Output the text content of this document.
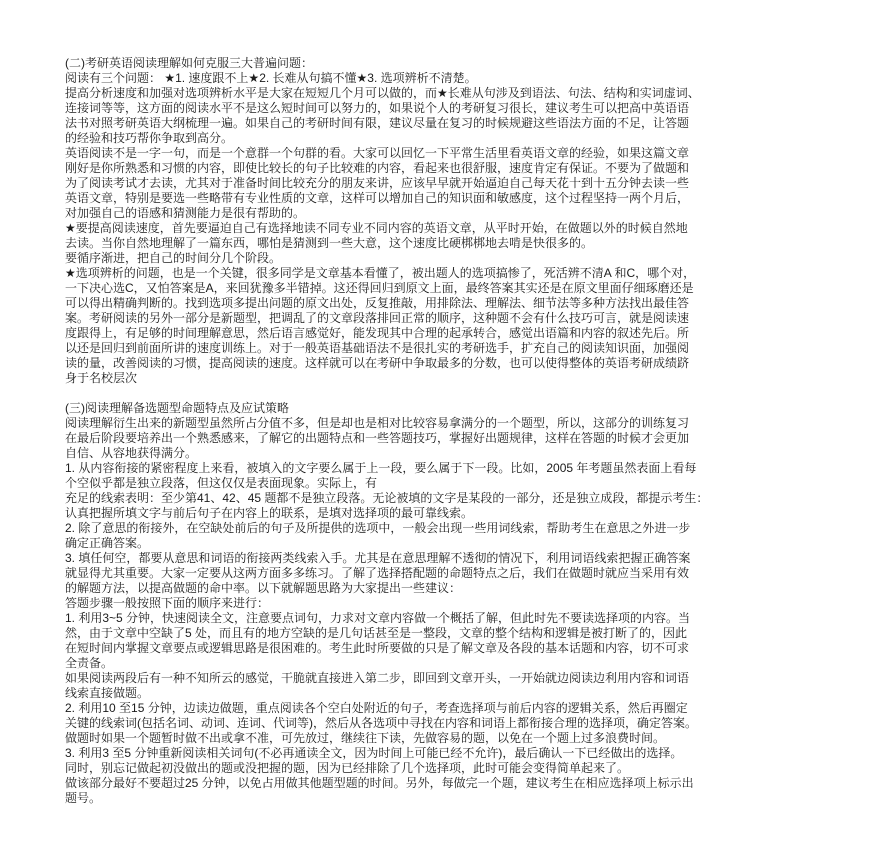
(二)考研英语阅读理解如何克服三大普遍问题：
阅读有三个问题： ★1. 速度跟不上★2. 长难从句搞不懂★3. 选项辨析不清楚。
提高分析速度和加强对选项辨析水平是大家在短短几个月可以做的，而★长难从句涉及到语法、句法、结构和实词虚词、
连接词等等，这方面的阅读水平不是这么短时间可以努力的，如果说个人的考研复习很长，建议考生可以把高中英语语
法书对照考研英语大纲梳理一遍。如果自己的考研时间有限，建议尽量在复习的时候规避这些语法方面的不足，让答题
的经验和技巧帮你争取到高分。
英语阅读不是一字一句，而是一个意群一个句群的看。大家可以回忆一下平常生活里看英语文章的经验，如果这篇文章
刚好是你所熟悉和习惯的内容，即使比较长的句子比较难的内容，看起来也很舒服，速度肯定有保证。不要为了做题和
为了阅读考试才去读，尤其对于准备时间比较充分的朋友来讲，应该早早就开始逼迫自己每天花十到十五分钟去读一些
英语文章，特别是要选一些略带有专业性质的文章，这样可以增加自己的知识面和敏感度，这个过程坚持一两个月后，
对加强自己的语感和猜测能力是很有帮助的。
★要提高阅读速度，首先要逼迫自己有选择地读不同专业不同内容的英语文章，从平时开始，在做题以外的时候自然地
去读。当你自然地理解了一篇东西，哪怕是猜测到一些大意，这个速度比硬梆梆地去啃是快很多的。
要循序渐进，把自己的时间分几个阶段。
★选项辨析的问题，也是一个关键，很多同学是文章基本看懂了，被出题人的选项搞惨了，死活辨不清A 和C，哪个对，
一下决心选C，又怕答案是A，来回犹豫多半错掉。这还得回归到原文上面，最终答案其实还是在原文里面仔细琢磨还是
可以得出精确判断的。找到选项多提出问题的原文出处，反复推敲，用排除法、理解法、细节法等多种方法找出最佳答
案。考研阅读的另外一部分是新题型，把调乱了的文章段落排回正常的顺序，这种题不会有什么技巧可言，就是阅读速
度跟得上，有足够的时间理解意思，然后语言感觉好，能发现其中合理的起承转合，感觉出语篇和内容的叙述先后。所
以还是回归到前面所讲的速度训练上。对于一般英语基础语法不是很扎实的考研选手，扩充自己的阅读知识面，加强阅
读的量，改善阅读的习惯，提高阅读的速度。这样就可以在考研中争取最多的分数，也可以使得整体的英语考研成绩跻
身于名校层次
(三)阅读理解备选题型命题特点及应试策略
阅读理解衍生出来的新题型虽然所占分值不多，但是却也是相对比较容易拿满分的一个题型，所以，这部分的训练复习
在最后阶段要培养出一个熟悉感来，了解它的出题特点和一些答题技巧，掌握好出题规律，这样在答题的时候才会更加
自信、从容地获得满分。
1. 从内容衔接的紧密程度上来看，被填入的文字要么属于上一段，要么属于下一段。比如，2005 年考题虽然表面上看每
个空似乎都是独立段落，但这仅仅是表面现象。实际上，有
充足的线索表明：至少第41、42、45 题都不是独立段落。无论被填的文字是某段的一部分，还是独立成段，都提示考生：
认真把握所填文字与前后句子在内容上的联系，是填对选择项的最可靠线索。
2. 除了意思的衔接外，在空缺处前后的句子及所提供的选项中，一般会出现一些用词线索，帮助考生在意思之外进一步
确定正确答案。
3. 填任何空，都要从意思和词语的衔接两类线索入手。尤其是在意思理解不透彻的情况下，利用词语线索把握正确答案
就显得尤其重要。大家一定要从这两方面多多练习。了解了选择搭配题的命题特点之后，我们在做题时就应当采用有效
的解题方法，以提高做题的命中率。以下就解题思路为大家提出一些建议：
答题步骤一般按照下面的顺序来进行：
1. 利用3~5 分钟，快速阅读全文，注意要点词句，力求对文章内容做一个概括了解，但此时先不要读选择项的内容。当
然，由于文章中空缺了5 处，而且有的地方空缺的是几句话甚至是一整段，文章的整个结构和逻辑是被打断了的，因此
在短时间内掌握文章要点或逻辑思路是很困难的。考生此时所要做的只是了解文章及各段的基本话题和内容，切不可求
全责备。
如果阅读两段后有一种不知所云的感觉，干脆就直接进入第二步，即回到文章开头，一开始就边阅读边利用内容和词语
线索直接做题。
2. 利用10 至15 分钟，边读边做题，重点阅读各个空白处附近的句子，考查选择项与前后内容的逻辑关系，然后再圈定
关键的线索词(包括名词、动词、连词、代词等)，然后从各选项中寻找在内容和词语上都衔接合理的选择项，确定答案。
做题时如果一个题暂时做不出或拿不准，可先放过，继续往下读，先做容易的题，以免在一个题上过多浪费时间。
3. 利用3 至5 分钟重新阅读相关词句(不必再通读全文，因为时间上可能已经不允许)，最后确认一下已经做出的选择。
同时，别忘记做起初没做出的题或没把握的题，因为已经排除了几个选择项，此时可能会变得简单起来了。
做该部分最好不要超过25 分钟，以免占用做其他题型题的时间。另外，每做完一个题，建议考生在相应选择项上标示出
题号。
